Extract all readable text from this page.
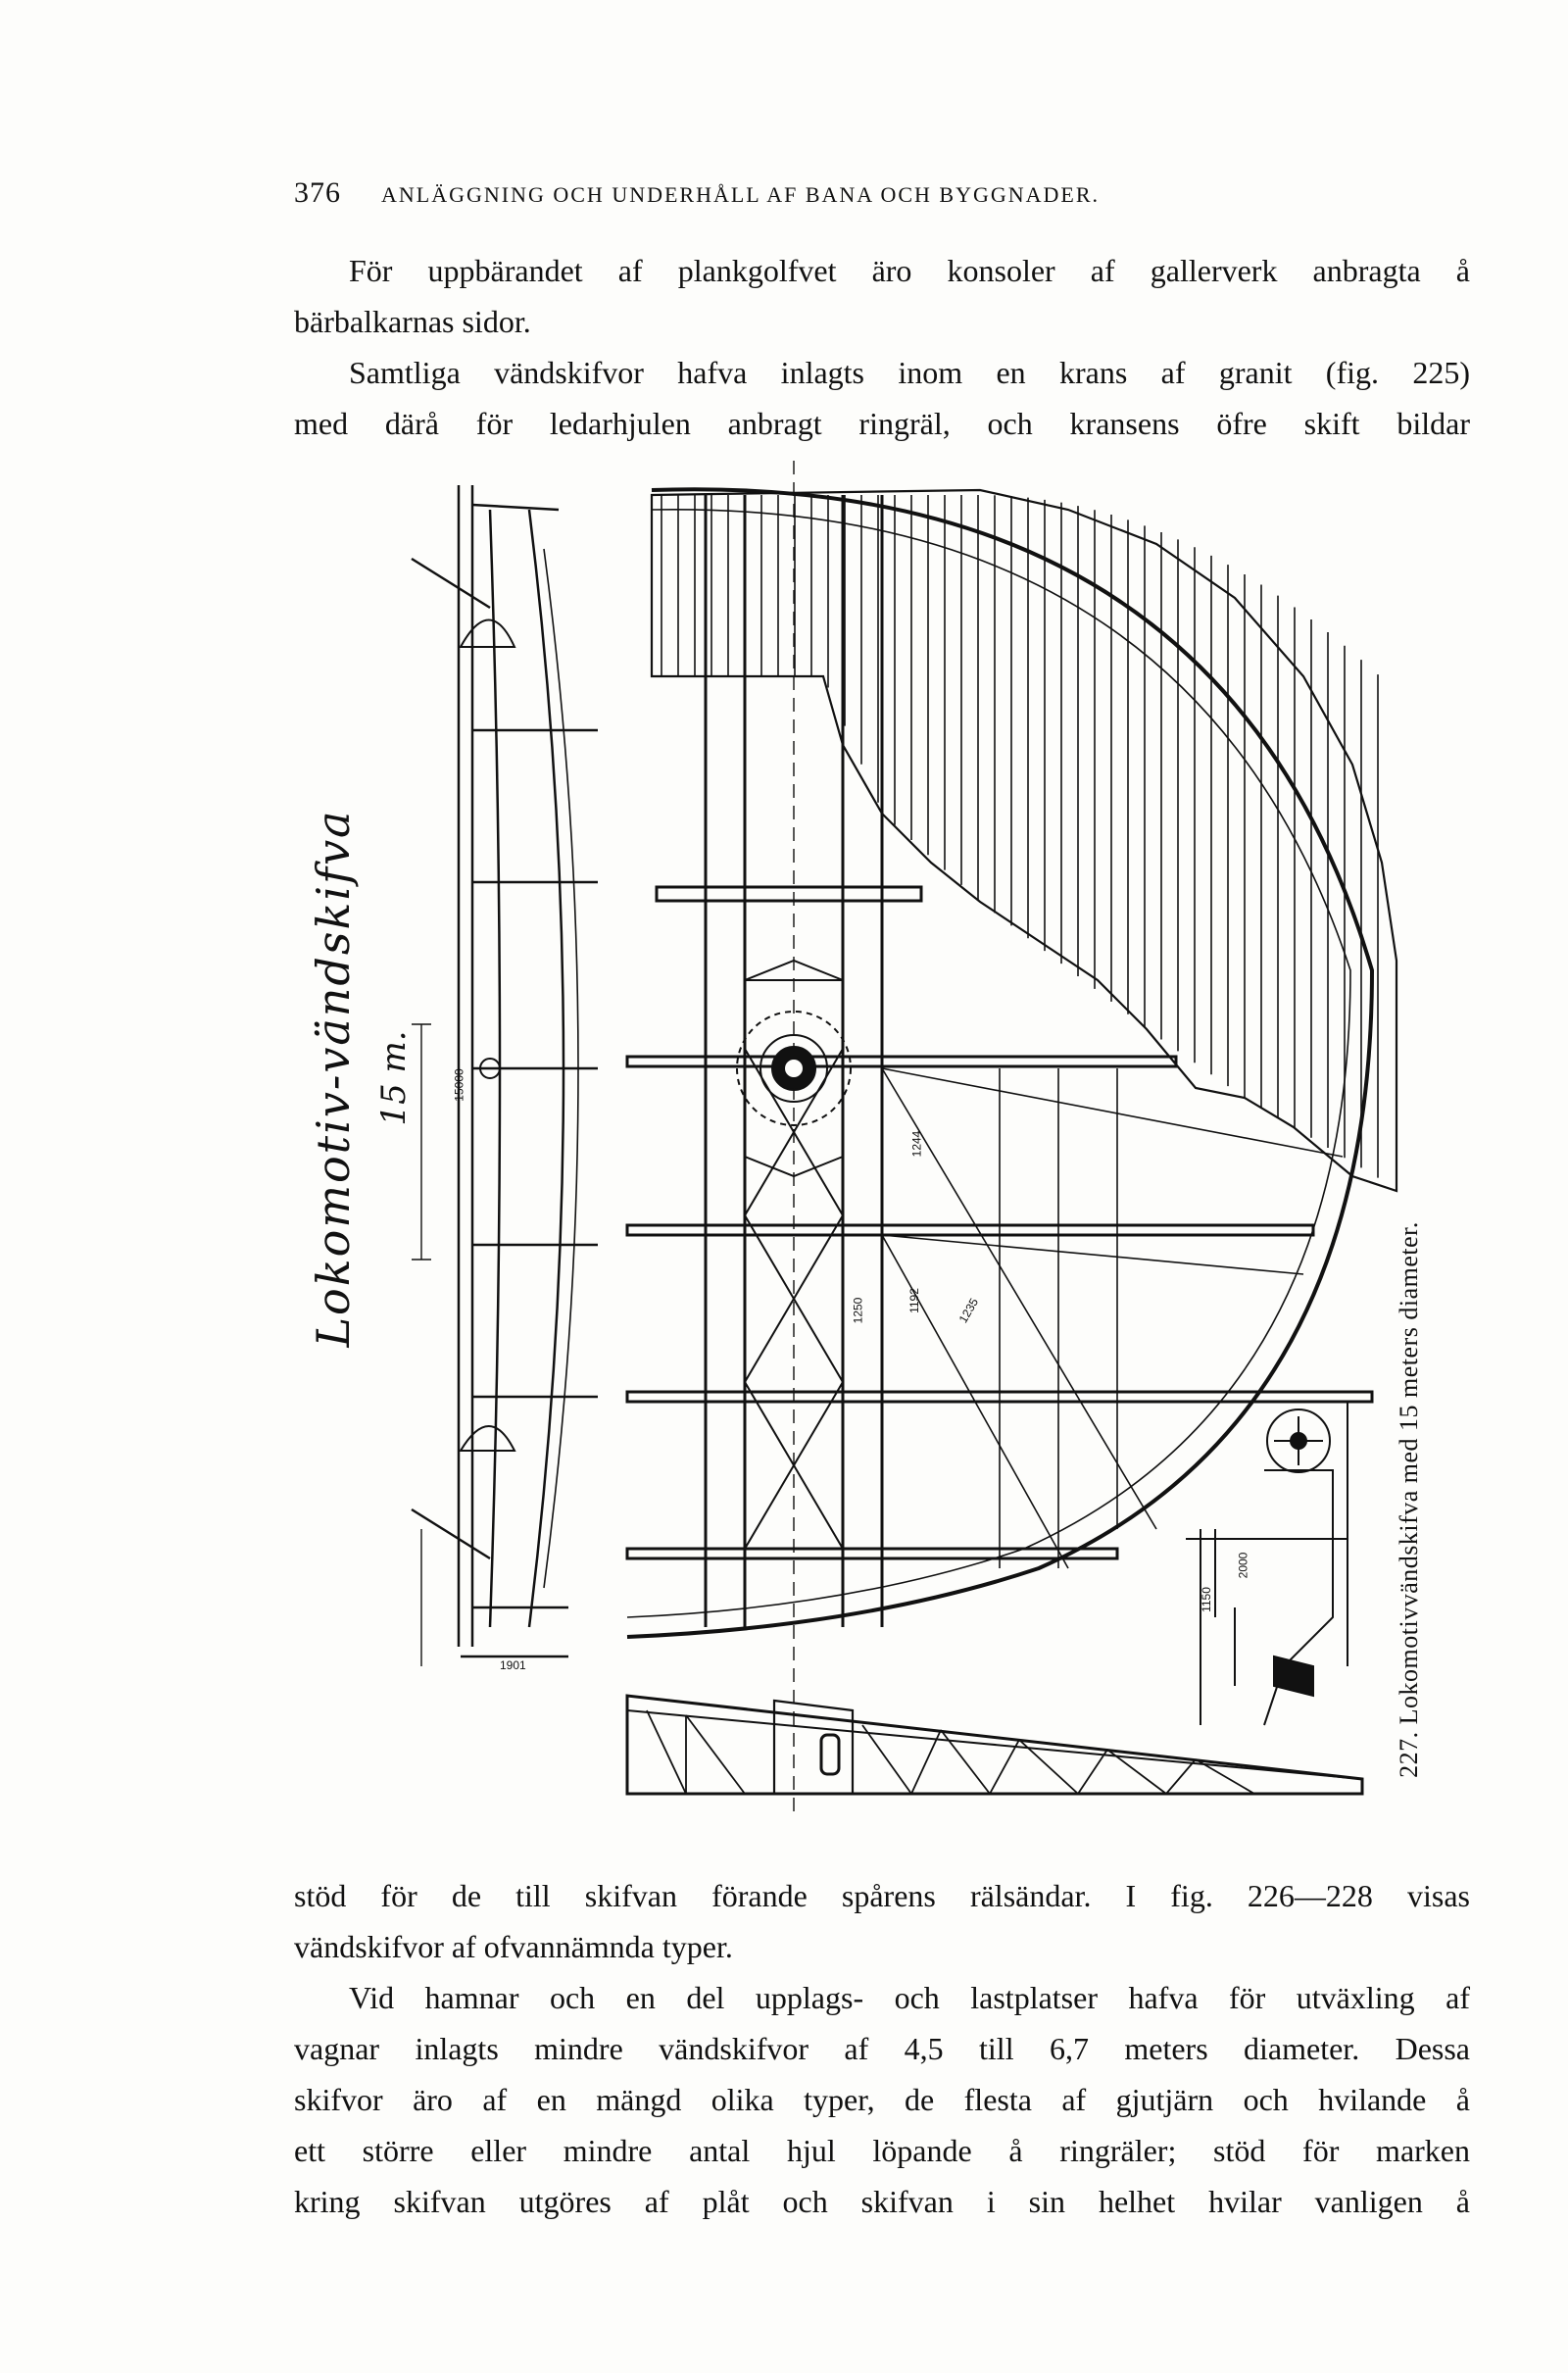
376 ANLÄGGNING OCH UNDERHÅLL AF BANA OCH BYGGNADER.

För uppbärandet af plankgolfvet äro konsoler af gallerverk anbragta å
bärbalkarnas sidor.
Samtliga vändskifvor hafva inlagts inom en krans af granit (fig. 225)
med därå för ledarhjulen anbragt ringräl, och kransens öfre skift bildar

15000
1901
1244
1250	1192	1235
1150
2000
Lokomotiv-vändskifva 15 m.
227. Lokomotivvändskifva med 15 meters diameter.

stöd för de till skifvan förande spårens rälsändar. I fig. 226—228 visas
vändskifvor af ofvannämnda typer.
Vid hamnar och en del upplags- och lastplatser hafva för utväxling af
vagnar inlagts mindre vändskifvor af 4,5 till 6,7 meters diameter. Dessa
skifvor äro af en mängd olika typer, de flesta af gjutjärn och hvilande å
ett större eller mindre antal hjul löpande å ringräler; stöd för marken
kring skifvan utgöres af plåt och skifvan i sin helhet hvilar vanligen å
